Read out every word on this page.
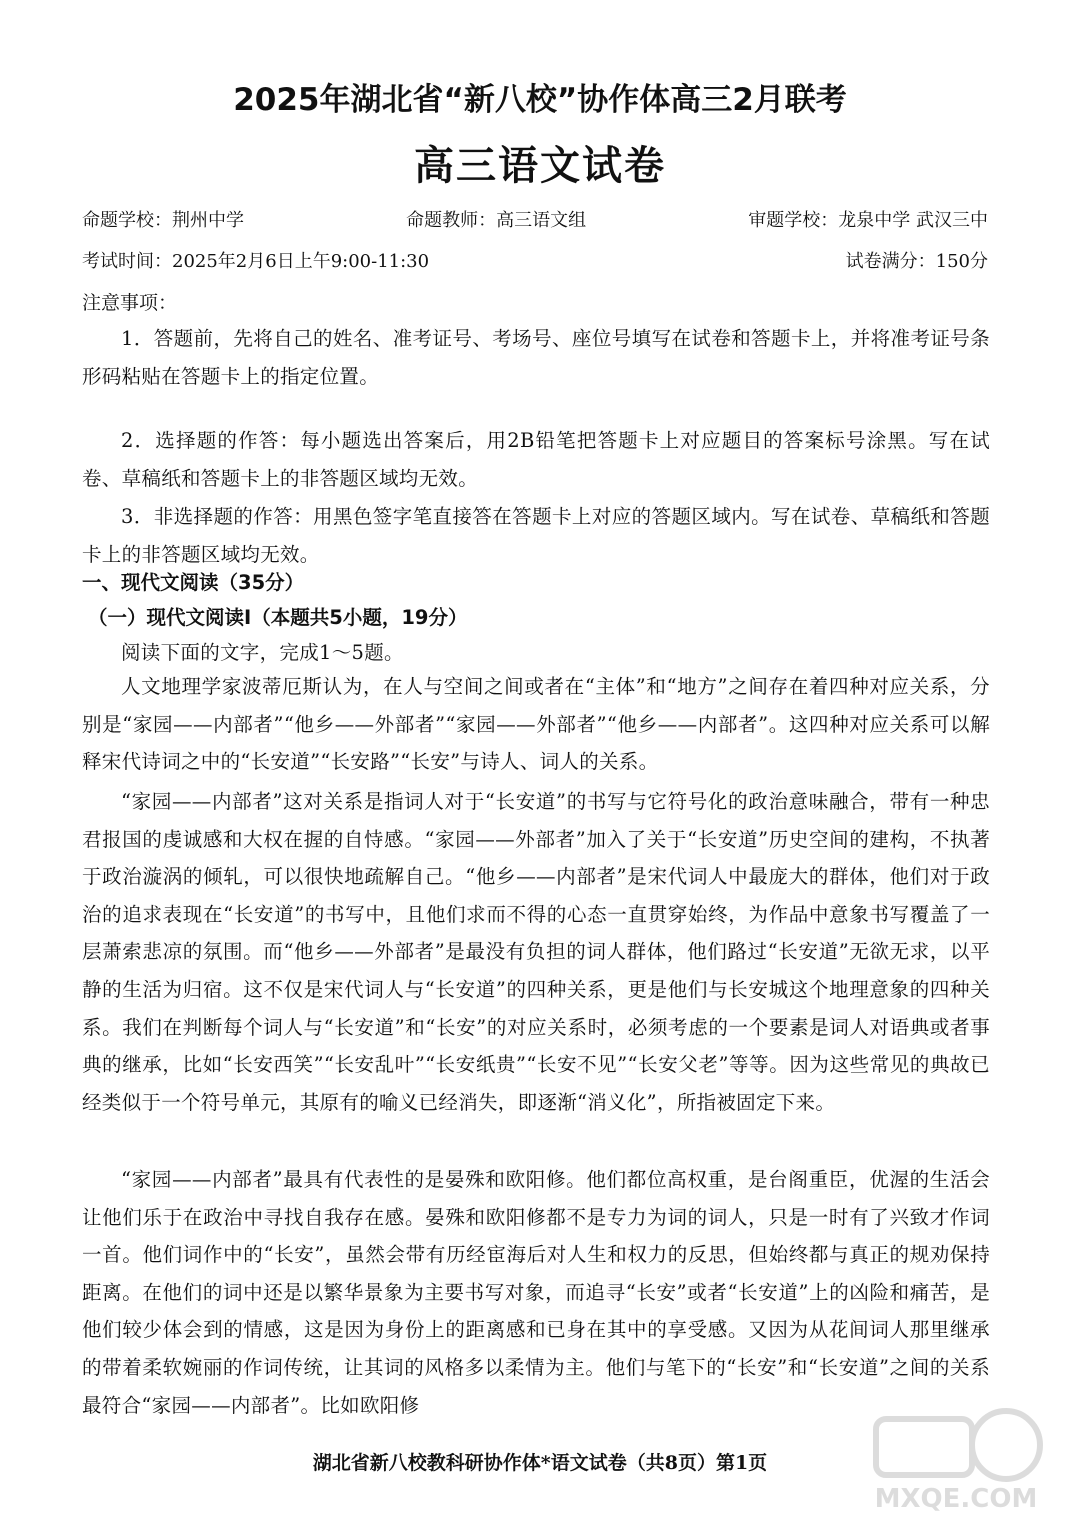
2025年湖北省“新八校”协作体高三2月联考
高三语文试卷
命题学校：荆州中学	命题教师：高三语文组	审题学校：龙泉中学 武汉三中
考试时间：2025年2月6日上午9:00-11:30	试卷满分：150分
注意事项：

1．答题前，先将自己的姓名、准考证号、考场号、座位号填写在试卷和答题卡上，并将准考证号条形码粘贴在答题卡上的指定位置。

2．选择题的作答：每小题选出答案后，用2B铅笔把答题卡上对应题目的答案标号涂黑。写在试卷、草稿纸和答题卡上的非答题区域均无效。

3．非选择题的作答：用黑色签字笔直接答在答题卡上对应的答题区域内。写在试卷、草稿纸和答题卡上的非答题区域均无效。

一、现代文阅读（35分）
（一）现代文阅读Ⅰ（本题共5小题，19分）

阅读下面的文字，完成1～5题。

人文地理学家波蒂厄斯认为，在人与空间之间或者在“主体”和“地方”之间存在着四种对应关系，分别是“家园——内部者”“他乡——外部者”“家园——外部者”“他乡——内部者”。这四种对应关系可以解释宋代诗词之中的“长安道”“长安路”“长安”与诗人、词人的关系。

“家园——内部者”这对关系是指词人对于“长安道”的书写与它符号化的政治意味融合，带有一种忠君报国的虔诚感和大权在握的自恃感。“家园——外部者”加入了关于“长安道”历史空间的建构，不执著于政治漩涡的倾轧，可以很快地疏解自己。“他乡——内部者”是宋代词人中最庞大的群体，他们对于政治的追求表现在“长安道”的书写中，且他们求而不得的心态一直贯穿始终，为作品中意象书写覆盖了一层萧索悲凉的氛围。而“他乡——外部者”是最没有负担的词人群体，他们路过“长安道”无欲无求，以平静的生活为归宿。这不仅是宋代词人与“长安道”的四种关系，更是他们与长安城这个地理意象的四种关系。我们在判断每个词人与“长安道”和“长安”的对应关系时，必须考虑的一个要素是词人对语典或者事典的继承，比如“长安西笑”“长安乱叶”“长安纸贵”“长安不见”“长安父老”等等。因为这些常见的典故已经类似于一个符号单元，其原有的喻义已经消失，即逐渐“消义化”，所指被固定下来。

“家园——内部者”最具有代表性的是晏殊和欧阳修。他们都位高权重，是台阁重臣，优渥的生活会让他们乐于在政治中寻找自我存在感。晏殊和欧阳修都不是专力为词的词人，只是一时有了兴致才作词一首。他们词作中的“长安”，虽然会带有历经宦海后对人生和权力的反思，但始终都与真正的规劝保持距离。在他们的词中还是以繁华景象为主要书写对象，而追寻“长安”或者“长安道”上的凶险和痛苦，是他们较少体会到的情感，这是因为身份上的距离感和已身在其中的享受感。又因为从花间词人那里继承的带着柔软婉丽的作词传统，让其词的风格多以柔情为主。他们与笔下的“长安”和“长安道”之间的关系最符合“家园——内部者”。比如欧阳修

湖北省新八校教科研协作体*语文试卷（共8页）第1页
MXQE.COM
